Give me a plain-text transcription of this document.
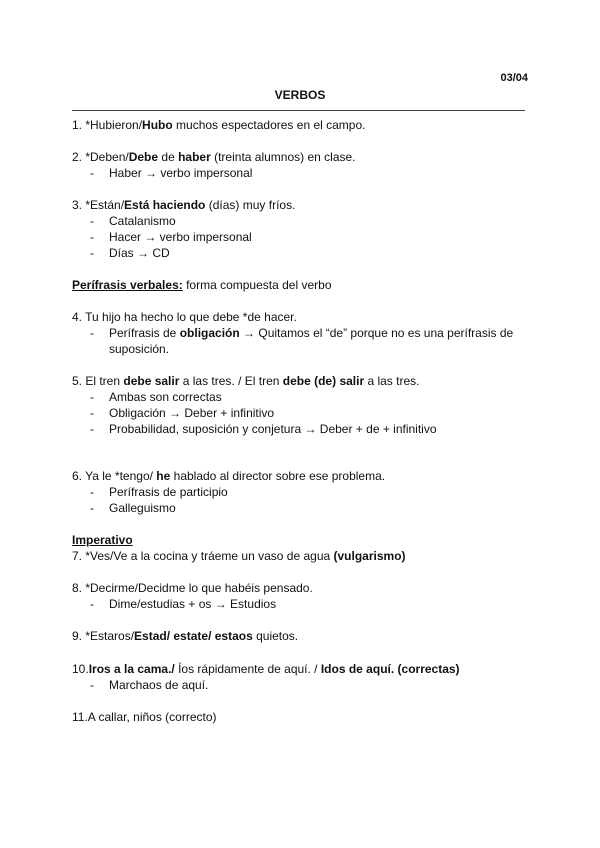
03/04
VERBOS
1. *Hubieron/Hubo muchos espectadores en el campo.
2. *Deben/Debe de haber (treinta alumnos) en clase.
- Haber → verbo impersonal
3. *Están/Está haciendo (días) muy fríos.
- Catalanismo
- Hacer → verbo impersonal
- Días → CD
Perífrasis verbales: forma compuesta del verbo
4. Tu hijo ha hecho lo que debe *de hacer.
-	Perífrasis de obligación → Quitamos el “de” porque no es una perífrasis de suposición.
5. El tren debe salir a las tres. / El tren debe (de) salir a las tres.
- Ambas son correctas
- Obligación → Deber + infinitivo
- Probabilidad, suposición y conjetura → Deber + de + infinitivo
6. Ya le *tengo/ he hablado al director sobre ese problema.
- Perífrasis de participio
- Galleguismo
Imperativo
7. *Ves/Ve a la cocina y tráeme un vaso de agua (vulgarismo)
8. *Decirme/Decidme lo que habéis pensado.
- Dime/estudias + os → Estudios
9. *Estaros/Estad/ estate/ estaos quietos.
10.Iros a la cama./ Íos rápidamente de aquí. / Idos de aquí. (correctas)
- Marchaos de aquí.
11.A callar, niños (correcto)
